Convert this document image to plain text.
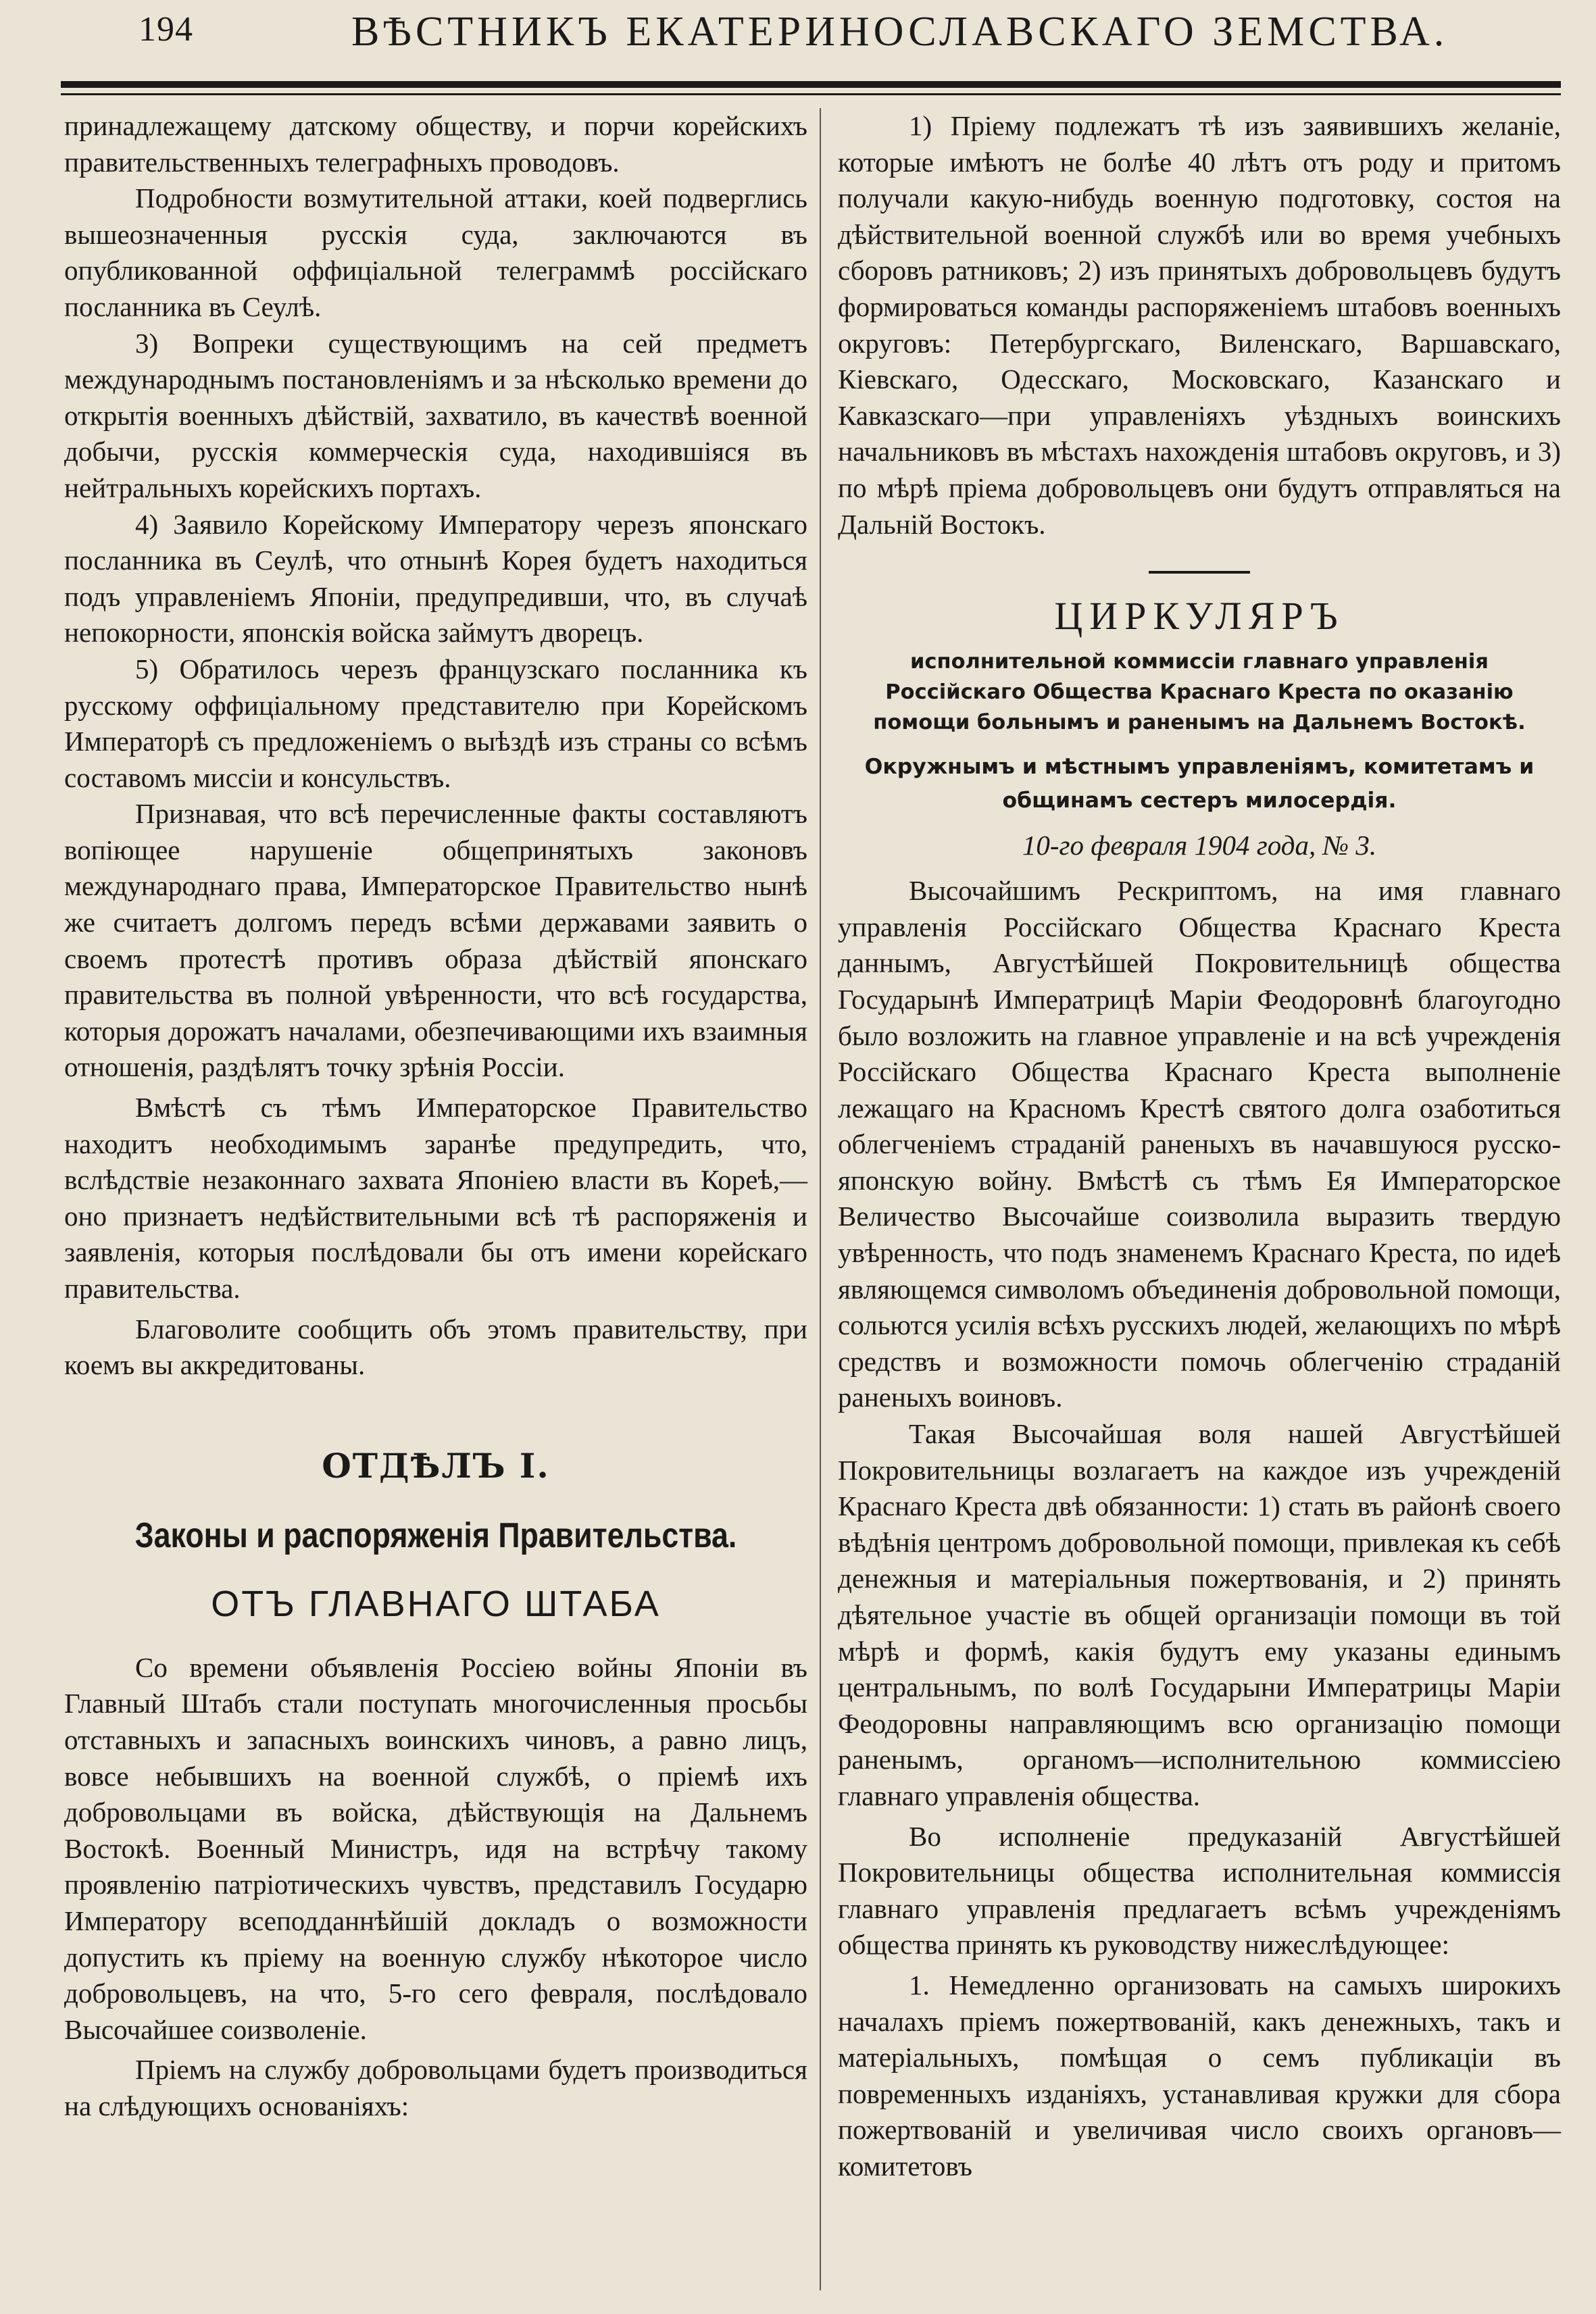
194	ВѢСТНИКЪ ЕКАТЕРИНОСЛАВСКАГО ЗЕМСТВА.

принадлежащему датскому обществу, и порчи корейскихъ правительственныхъ телеграфныхъ проводовъ.

Подробности возмутительной аттаки, коей подверглись вышеозначенныя русскія суда, заключаются въ опубликованной оффиціальной телеграммѣ россійскаго посланника въ Сеулѣ.

3) Вопреки существующимъ на сей предметъ международнымъ постановленіямъ и за нѣсколько времени до открытія военныхъ дѣйствій, захватило, въ качествѣ военной добычи, русскія коммерческія суда, находившіяся въ нейтральныхъ корейскихъ портахъ.

4) Заявило Корейскому Императору черезъ японскаго посланника въ Сеулѣ, что отнынѣ Корея будетъ находиться подъ управленіемъ Японіи, предупредивши, что, въ случаѣ непокорности, японскія войска займутъ дворецъ.

5) Обратилось черезъ французскаго посланника къ русскому оффиціальному представителю при Корейскомъ Императорѣ съ предложеніемъ о выѣздѣ изъ страны со всѣмъ составомъ миссіи и консульствъ.

Признавая, что всѣ перечисленные факты составляютъ вопіющее нарушеніе общепринятыхъ законовъ международнаго права, Императорское Правительство нынѣ же считаетъ долгомъ передъ всѣми державами заявить о своемъ протестѣ противъ образа дѣйствій японскаго правительства въ полной увѣренности, что всѣ государства, которыя дорожатъ началами, обезпечивающими ихъ взаимныя отношенія, раздѣлятъ точку зрѣнія Россіи.

Вмѣстѣ съ тѣмъ Императорское Правительство находитъ необходимымъ заранѣе предупредить, что, вслѣдствіе незаконнаго захвата Японіею власти въ Кореѣ,—оно признаетъ недѣйствительными всѣ тѣ распоряженія и заявленія, которыя послѣдовали бы отъ имени корейскаго правительства.

Благоволите сообщить объ этомъ правительству, при коемъ вы аккредитованы.

ОТДѢЛЪ I.
Законы и распоряженія Правительства.
ОТЪ ГЛАВНАГО ШТАБА

Со времени объявленія Россіею войны Японіи въ Главный Штабъ стали поступать многочисленныя просьбы отставныхъ и запасныхъ воинскихъ чиновъ, а равно лицъ, вовсе небывшихъ на военной службѣ, о пріемѣ ихъ добровольцами въ войска, дѣйствующія на Дальнемъ Востокѣ. Военный Министръ, идя на встрѣчу такому проявленію патріотическихъ чувствъ, представилъ Государю Императору всеподданнѣйшій докладъ о возможности допустить къ пріему на военную службу нѣкоторое число добровольцевъ, на что, 5-го сего февраля, послѣдовало Высочайшее соизволеніе.

Пріемъ на службу добровольцами будетъ производиться на слѣдующихъ основаніяхъ:

1) Пріему подлежатъ тѣ изъ заявившихъ желаніе, которые имѣютъ не болѣе 40 лѣтъ отъ роду и притомъ получали какую-нибудь военную подготовку, состоя на дѣйствительной военной службѣ или во время учебныхъ сборовъ ратниковъ; 2) изъ принятыхъ добровольцевъ будутъ формироваться команды распоряженіемъ штабовъ военныхъ округовъ: Петербургскаго, Виленскаго, Варшавскаго, Кіевскаго, Одесскаго, Московскаго, Казанскаго и Кавказскаго—при управленіяхъ уѣздныхъ воинскихъ начальниковъ въ мѣстахъ нахожденія штабовъ округовъ, и 3) по мѣрѣ пріема добровольцевъ они будутъ отправляться на Дальній Востокъ.

ЦИРКУЛЯРЪ

исполнительной коммиссіи главнаго управленія Россійскаго Общества Краснаго Креста по оказанію помощи больнымъ и раненымъ на Дальнемъ Востокѣ.

Окружнымъ и мѣстнымъ управленіямъ, комитетамъ и общинамъ сестеръ милосердія.

10-го февраля 1904 года, № 3.

Высочайшимъ Рескриптомъ, на имя главнаго управленія Россійскаго Общества Краснаго Креста даннымъ, Августѣйшей Покровительницѣ общества Государынѣ Императрицѣ Маріи Феодоровнѣ благоугодно было возложить на главное управленіе и на всѣ учрежденія Россійскаго Общества Краснаго Креста выполненіе лежащаго на Красномъ Крестѣ святого долга озаботиться облегченіемъ страданій раненыхъ въ начавшуюся русско-японскую войну. Вмѣстѣ съ тѣмъ Ея Императорское Величество Высочайше соизволила выразить твердую увѣренность, что подъ знаменемъ Краснаго Креста, по идеѣ являющемся символомъ объединенія добровольной помощи, сольются усилія всѣхъ русскихъ людей, желающихъ по мѣрѣ средствъ и возможности помочь облегченію страданій раненыхъ воиновъ.

Такая Высочайшая воля нашей Августѣйшей Покровительницы возлагаетъ на каждое изъ учрежденій Краснаго Креста двѣ обязанности: 1) стать въ районѣ своего вѣдѣнія центромъ добровольной помощи, привлекая къ себѣ денежныя и матеріальныя пожертвованія, и 2) принять дѣятельное участіе въ общей организаціи помощи въ той мѣрѣ и формѣ, какія будутъ ему указаны единымъ центральнымъ, по волѣ Государыни Императрицы Маріи Феодоровны направляющимъ всю организацію помощи раненымъ, органомъ—исполнительною коммиссіею главнаго управленія общества.

Во исполненіе предуказаній Августѣйшей Покровительницы общества исполнительная коммиссія главнаго управленія предлагаетъ всѣмъ учрежденіямъ общества принять къ руководству нижеслѣдующее:

1. Немедленно организовать на самыхъ широкихъ началахъ пріемъ пожертвованій, какъ денежныхъ, такъ и матеріальныхъ, помѣщая о семъ публикаціи въ повременныхъ изданіяхъ, устанавливая кружки для сбора пожертвованій и увеличивая число своихъ органовъ—комитетовъ
